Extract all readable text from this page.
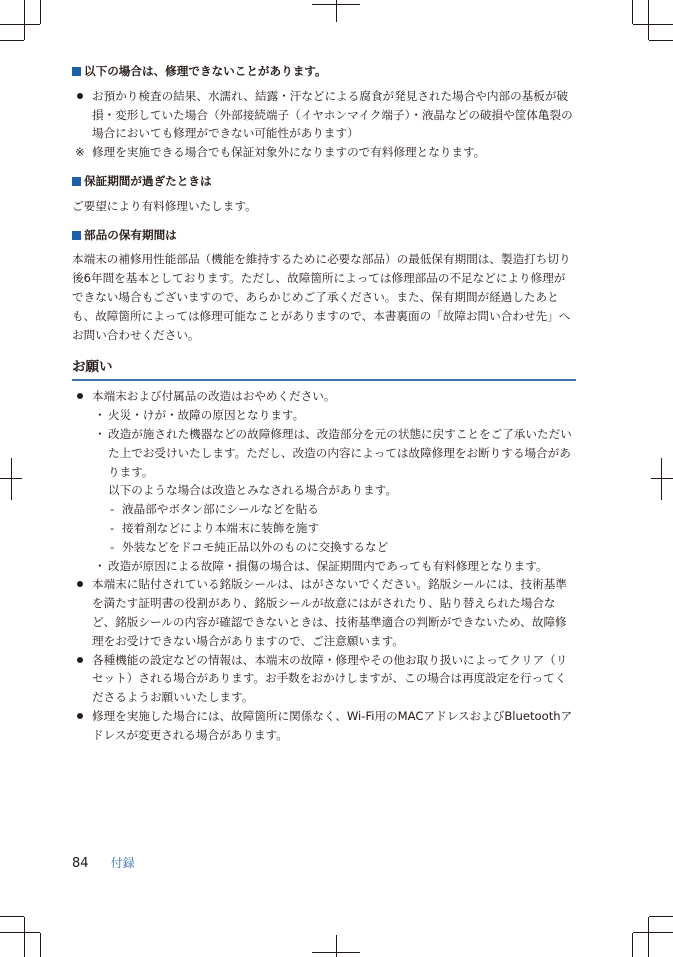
以下の場合は、修理できないことがあります。

お預かり検査の結果、水濡れ、結露・汗などによる腐食が発見された場合や内部の基板が破損・変形していた場合（外部接続端子（イヤホンマイク端子）・液晶などの破損や筐体亀裂の場合においても修理ができない可能性があります）
※ 修理を実施できる場合でも保証対象外になりますので有料修理となります。

保証期間が過ぎたときは

ご要望により有料修理いたします。

部品の保有期間は

本端末の補修用性能部品（機能を維持するために必要な部品）の最低保有期間は、製造打ち切り後6年間を基本としております。ただし、故障箇所によっては修理部品の不足などにより修理ができない場合もございますので、あらかじめご了承ください。また、保有期間が経過したあとも、故障箇所によっては修理可能なことがありますので、本書裏面の「故障お問い合わせ先」へお問い合わせください。

お願い
本端末および付属品の改造はおやめください。
・ 火災・けが・故障の原因となります。
・ 改造が施された機器などの故障修理は、改造部分を元の状態に戻すことをご了承いただいた上でお受けいたします。ただし、改造の内容によっては故障修理をお断りする場合があります。
以下のような場合は改造とみなされる場合があります。
- 液晶部やボタン部にシールなどを貼る
- 接着剤などにより本端末に装飾を施す
- 外装などをドコモ純正品以外のものに交換するなど
・ 改造が原因による故障・損傷の場合は、保証期間内であっても有料修理となります。
本端末に貼付されている銘版シールは、はがさないでください。銘版シールには、技術基準を満たす証明書の役割があり、銘版シールが故意にはがされたり、貼り替えられた場合など、銘版シールの内容が確認できないときは、技術基準適合の判断ができないため、故障修理をお受けできない場合がありますので、ご注意願います。
各種機能の設定などの情報は、本端末の故障・修理やその他お取り扱いによってクリア（リセット）される場合があります。お手数をおかけしますが、この場合は再度設定を行ってくださるようお願いいたします。
修理を実施した場合には、故障箇所に関係なく、Wi-Fi用のMACアドレスおよびBluetoothアドレスが変更される場合があります。
84 付録
